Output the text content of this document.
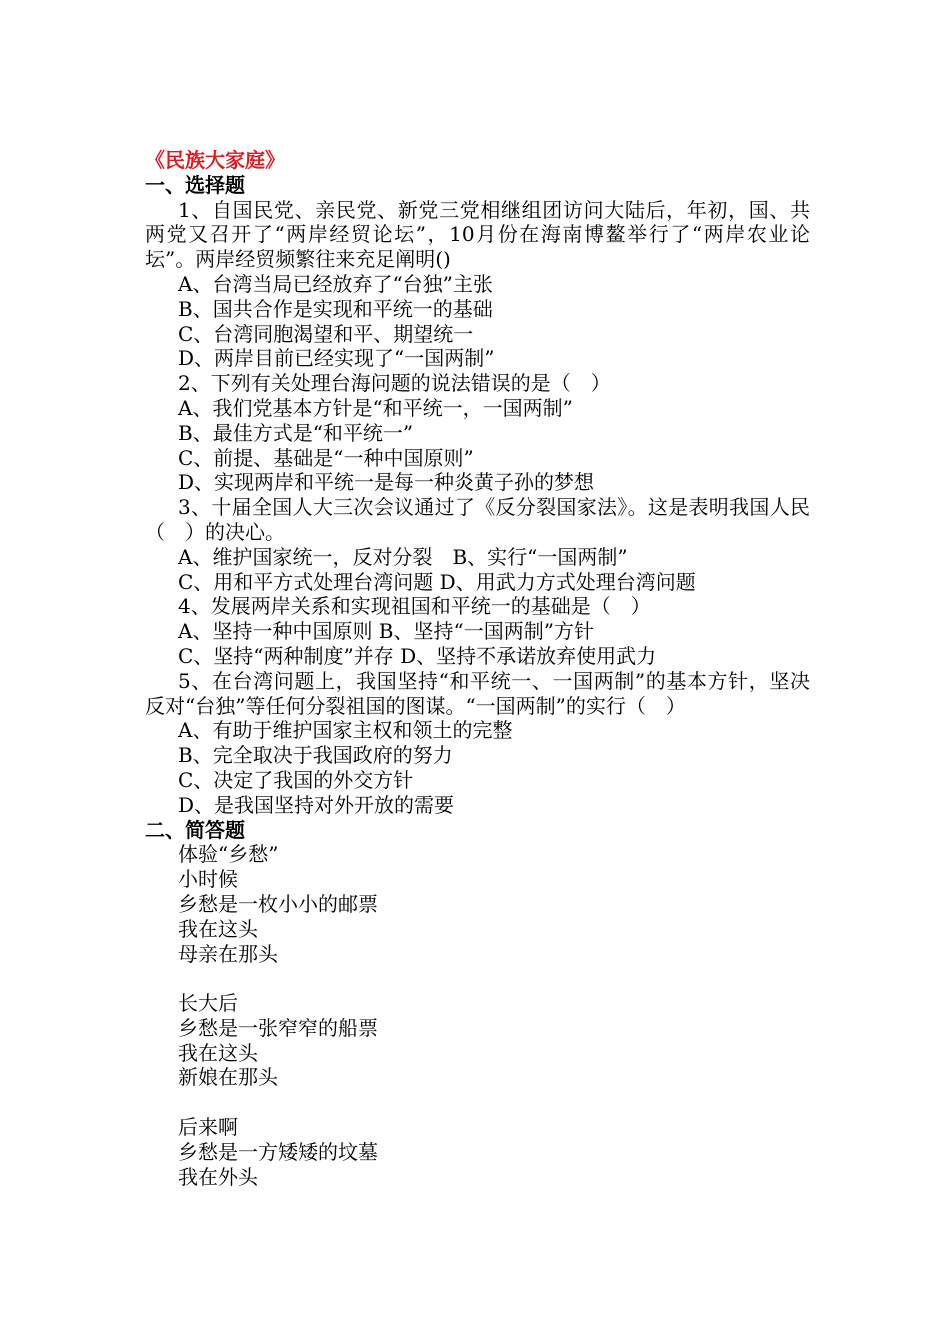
《民族大家庭》

一、选择题

1、自国民党、亲民党、新党三党相继组团访问大陆后，年初，国、共两党又召开了“两岸经贸论坛”，10月份在海南博鳌举行了“两岸农业论坛”。两岸经贸频繁往来充足阐明()

A、台湾当局已经放弃了“台独”主张

B、国共合作是实现和平统一的基础

C、台湾同胞渴望和平、期望统一

D、两岸目前已经实现了“一国两制”

2、下列有关处理台海问题的说法错误的是（　）

A、我们党基本方针是“和平统一，一国两制”

B、最佳方式是“和平统一”

C、前提、基础是“一种中国原则”

D、实现两岸和平统一是每一种炎黄子孙的梦想

3、十届全国人大三次会议通过了《反分裂国家法》。这是表明我国人民（　）的决心。

A、维护国家统一，反对分裂　B、实行“一国两制”

C、用和平方式处理台湾问题 D、用武力方式处理台湾问题

4、发展两岸关系和实现祖国和平统一的基础是（　）

A、坚持一种中国原则 B、坚持“一国两制”方针

C、坚持“两种制度”并存 D、坚持不承诺放弃使用武力

5、在台湾问题上，我国坚持“和平统一、一国两制”的基本方针，坚决反对“台独”等任何分裂祖国的图谋。“一国两制”的实行（　）

A、有助于维护国家主权和领土的完整

B、完全取决于我国政府的努力

C、决定了我国的外交方针

D、是我国坚持对外开放的需要

二、简答题

体验“乡愁”

小时候

乡愁是一枚小小的邮票

我在这头

母亲在那头

长大后

乡愁是一张窄窄的船票

我在这头

新娘在那头

后来啊

乡愁是一方矮矮的坟墓

我在外头
